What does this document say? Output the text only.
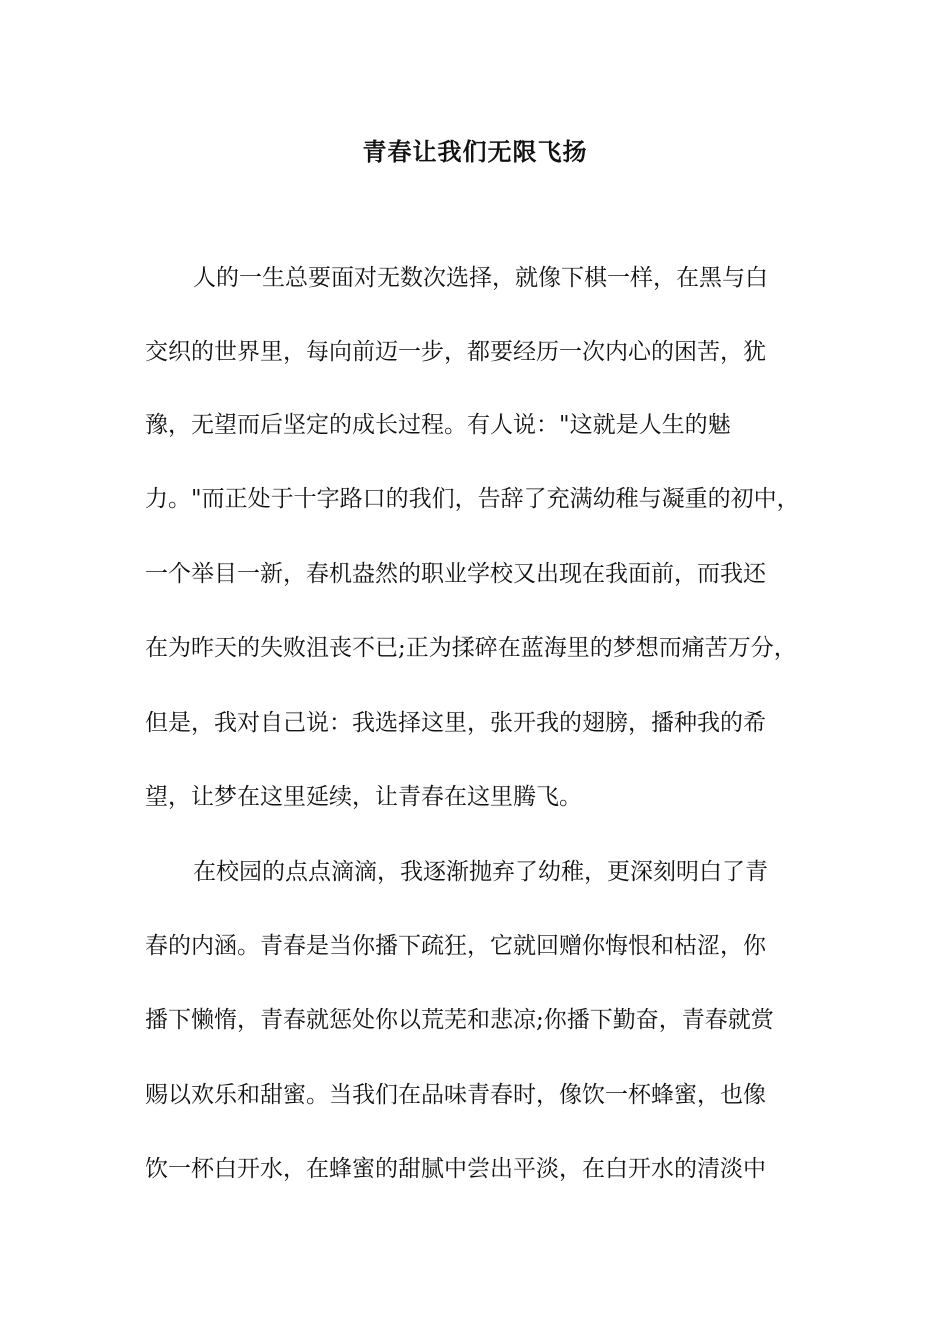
青春让我们无限飞扬
人的一生总要面对无数次选择，就像下棋一样，在黑与白
交织的世界里，每向前迈一步，都要经历一次内心的困苦，犹
豫，无望而后坚定的成长过程。有人说："这就是人生的魅
力。"而正处于十字路口的我们，告辞了充满幼稚与凝重的初中，
一个举目一新，春机盎然的职业学校又出现在我面前，而我还
在为昨天的失败沮丧不已;正为揉碎在蓝海里的梦想而痛苦万分，
但是，我对自己说：我选择这里，张开我的翅膀，播种我的希
望，让梦在这里延续，让青春在这里腾飞。
在校园的点点滴滴，我逐渐抛弃了幼稚，更深刻明白了青
春的内涵。青春是当你播下疏狂，它就回赠你悔恨和枯涩，你
播下懒惰，青春就惩处你以荒芜和悲凉;你播下勤奋，青春就赏
赐以欢乐和甜蜜。当我们在品味青春时，像饮一杯蜂蜜，也像
饮一杯白开水，在蜂蜜的甜腻中尝出平淡，在白开水的清淡中
